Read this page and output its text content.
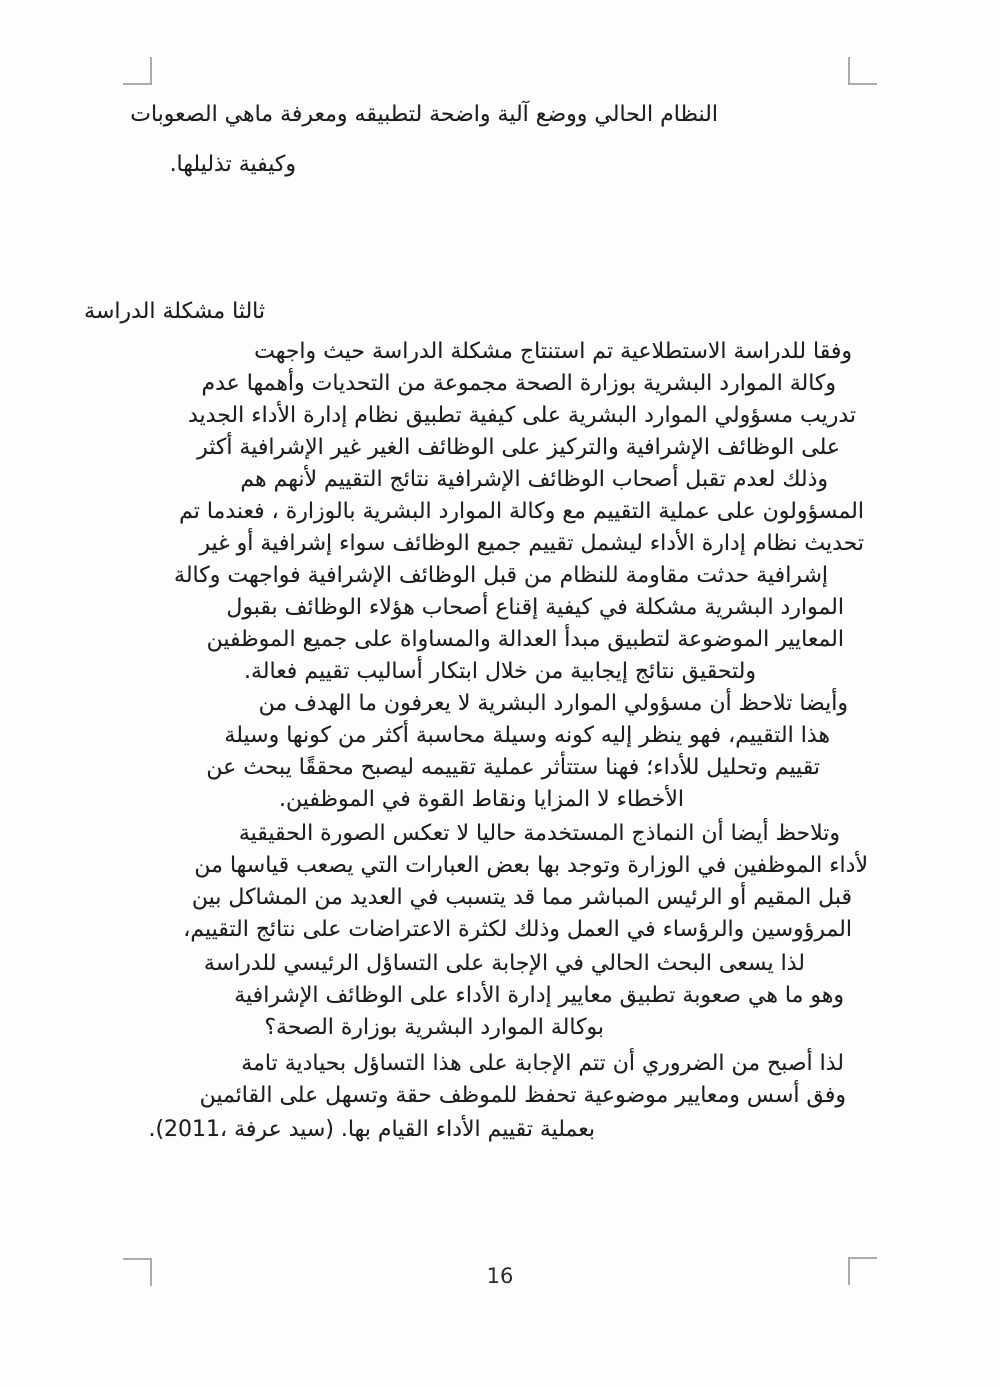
النظام الحالي ووضع آلية واضحة لتطبيقه ومعرفة ماهي الصعوبات
وكيفية تذليلها.
ثالثا مشكلة الدراسة
وفقا للدراسة الاستطلاعية تم استنتاج مشكلة الدراسة حيث واجهت
وكالة الموارد البشرية بوزارة الصحة مجموعة من التحديات وأهمها عدم
تدريب مسؤولي الموارد البشرية على كيفية تطبيق نظام إدارة الأداء الجديد
على الوظائف الإشرافية والتركيز على الوظائف الغير غير الإشرافية أكثر
وذلك لعدم تقبل أصحاب الوظائف الإشرافية نتائج التقييم لأنهم هم
المسؤولون على عملية التقييم مع وكالة الموارد البشرية بالوزارة ، فعندما تم
تحديث نظام إدارة الأداء ليشمل تقييم جميع الوظائف سواء إشرافية أو غير
إشرافية حدثت مقاومة للنظام من قبل الوظائف الإشرافية فواجهت وكالة
الموارد البشرية مشكلة في كيفية إقناع أصحاب هؤلاء الوظائف بقبول
المعايير الموضوعة لتطبيق مبدأ العدالة والمساواة على جميع الموظفين
ولتحقيق نتائج إيجابية من خلال ابتكار أساليب تقييم فعالة.
وأيضا تلاحظ أن مسؤولي الموارد البشرية لا يعرفون ما الهدف من
هذا التقييم، فهو ينظر إليه كونه وسيلة محاسبة أكثر من كونها وسيلة
تقييم وتحليل للأداء؛ فهنا ستتأثر عملية تقييمه ليصبح محققًا يبحث عن
الأخطاء لا المزايا ونقاط القوة في الموظفين.
وتلاحظ أيضا أن النماذج المستخدمة حاليا لا تعكس الصورة الحقيقية
لأداء الموظفين في الوزارة وتوجد بها بعض العبارات التي يصعب قياسها من
قبل المقيم أو الرئيس المباشر مما قد يتسبب في العديد من المشاكل بين
المرؤوسين والرؤساء في العمل وذلك لكثرة الاعتراضات على نتائج التقييم،
لذا يسعى البحث الحالي في الإجابة على التساؤل الرئيسي للدراسة
وهو ما هي صعوبة تطبيق معايير إدارة الأداء على الوظائف الإشرافية
بوكالة الموارد البشرية بوزارة الصحة؟
لذا أصبح من الضروري أن تتم الإجابة على هذا التساؤل بحيادية تامة
وفق أسس ومعايير موضوعية تحفظ للموظف حقة وتسهل على القائمين
بعملية تقييم الأداء القيام بها. (سيد عرفة ،2011).
16
